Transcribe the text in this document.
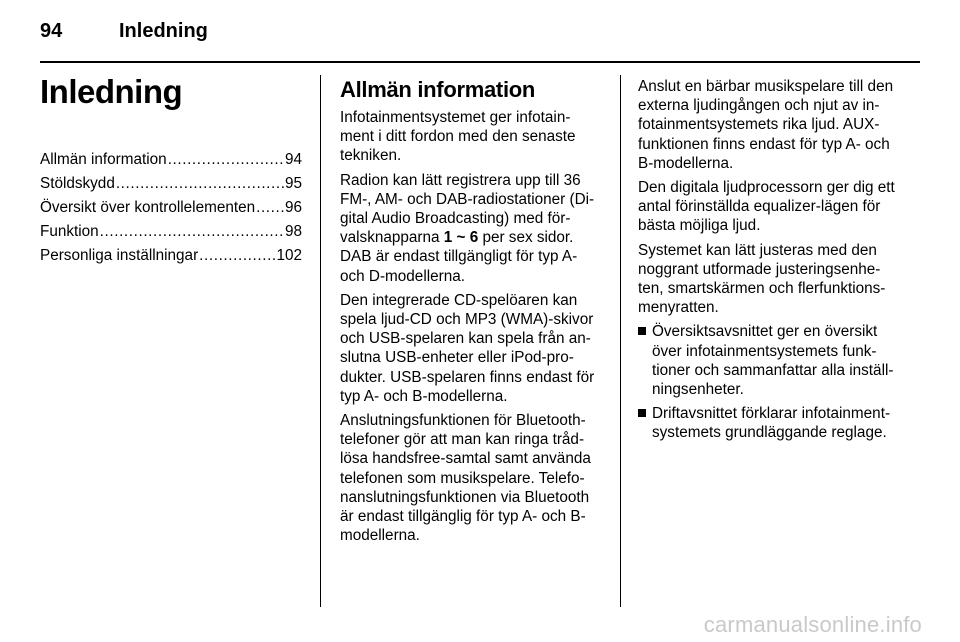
94	Inledning
Inledning
Allmän information .....	94
Stöldskydd .....	95
Översikt över kontrollelementen ..... 96
Funktion .....	98
Personliga inställningar .....	102
Allmän information
Infotainmentsystemet ger infotain-
ment i ditt fordon med den senaste
tekniken.
Radion kan lätt registrera upp till 36
FM-, AM- och DAB-radiostationer (Di-
gital Audio Broadcasting) med för-
valsknapparna 1 ~ 6 per sex sidor.
DAB är endast tillgängligt för typ A-
och D-modellerna.
Den integrerade CD-spelöaren kan
spela ljud-CD och MP3 (WMA)-skivor
och USB-spelaren kan spela från an-
slutna USB-enheter eller iPod-pro-
dukter. USB-spelaren finns endast för
typ A- och B-modellerna.
Anslutningsfunktionen för Bluetooth-
telefoner gör att man kan ringa tråd-
lösa handsfree-samtal samt använda
telefonen som musikspelare. Telefo-
nanslutningsfunktionen via Bluetooth
är endast tillgänglig för typ A- och B-
modellerna.
Anslut en bärbar musikspelare till den
externa ljudingången och njut av in-
fotainmentsystemets rika ljud. AUX-
funktionen finns endast för typ A- och
B-modellerna.
Den digitala ljudprocessorn ger dig ett
antal förinställda equalizer-lägen för
bästa möjliga ljud.
Systemet kan lätt justeras med den
noggrant utformade justeringsenhe-
ten, smartskärmen och flerfunktions-
menyratten.
Översiktsavsnittet ger en översikt
över infotainmentsystemets funk-
tioner och sammanfattar alla inställ-
ningsenheter.
Driftavsnittet förklarar infotainment-
systemets grundläggande reglage.
carmanualsonline.info
